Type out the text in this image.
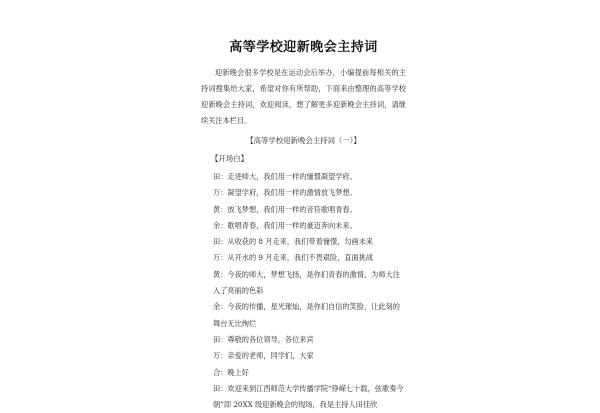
高等学校迎新晚会主持词

迎新晚会很多学校是在运动会后举办，小编提前每相关的主持词搜集给大家，希望对你有所帮助，下面来由整理的高等学校迎新晚会主持词，欢迎阅读，想了解更多迎新晚会主持词，请继续关注本栏目。

【高等学校迎新晚会主持词（一）】
【开场白】
田：走进师大，我们用一样的憧憬凝望学府。
万：凝望学府，我们用一样的激情放飞梦想。
黄：放飞梦想，我们用一样的音符歌唱青春。
余：歌唱青春，我们用一样的豪迈奔向未来。
田：从收获的 8 月走来，我们带着憧憬，勾画未来
万：从开水的 9 月走来，我们不畏艰险，直面挑战
黄：今夜的师大，梦想飞扬，是你们青春的激情，为师大注入了亮丽的色彩
余：今夜的传播，星光璀灿，是你们自信的笑脸，让此刻的舞台无比绚烂
田：尊敬的各位领导，各位来宾
万：亲爱的老师，同学们，大家
合：晚上好
田：欢迎来到江西师范大学传播学院“铮嵘七十载，弦歌奏今朝”即 20XX 级迎新晚会的现场，我是主持人田佳欣
